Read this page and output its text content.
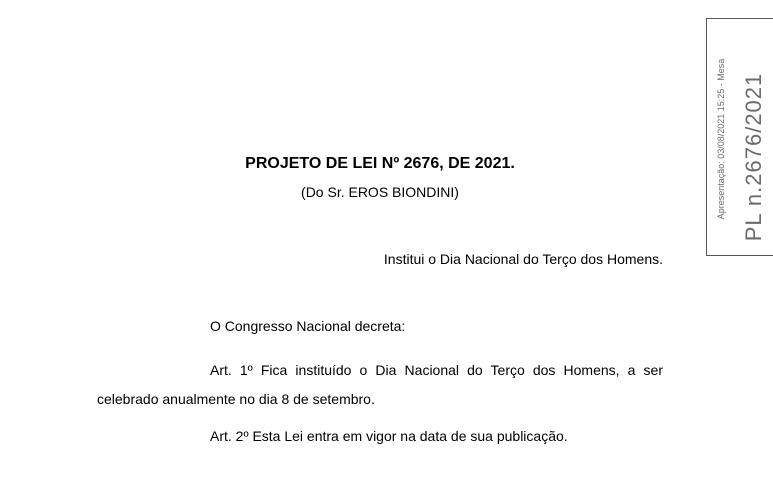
PROJETO DE LEI Nº 2676, DE 2021.
(Do Sr. EROS BIONDINI)
Institui o Dia Nacional do Terço dos Homens.
O Congresso Nacional decreta:
Art. 1º Fica instituído o Dia Nacional do Terço dos Homens, a ser celebrado anualmente no dia 8 de setembro.
Art. 2º Esta Lei entra em vigor na data de sua publicação.
Apresentação: 03/08/2021 15:25 - Mesa PL n.2676/2021
